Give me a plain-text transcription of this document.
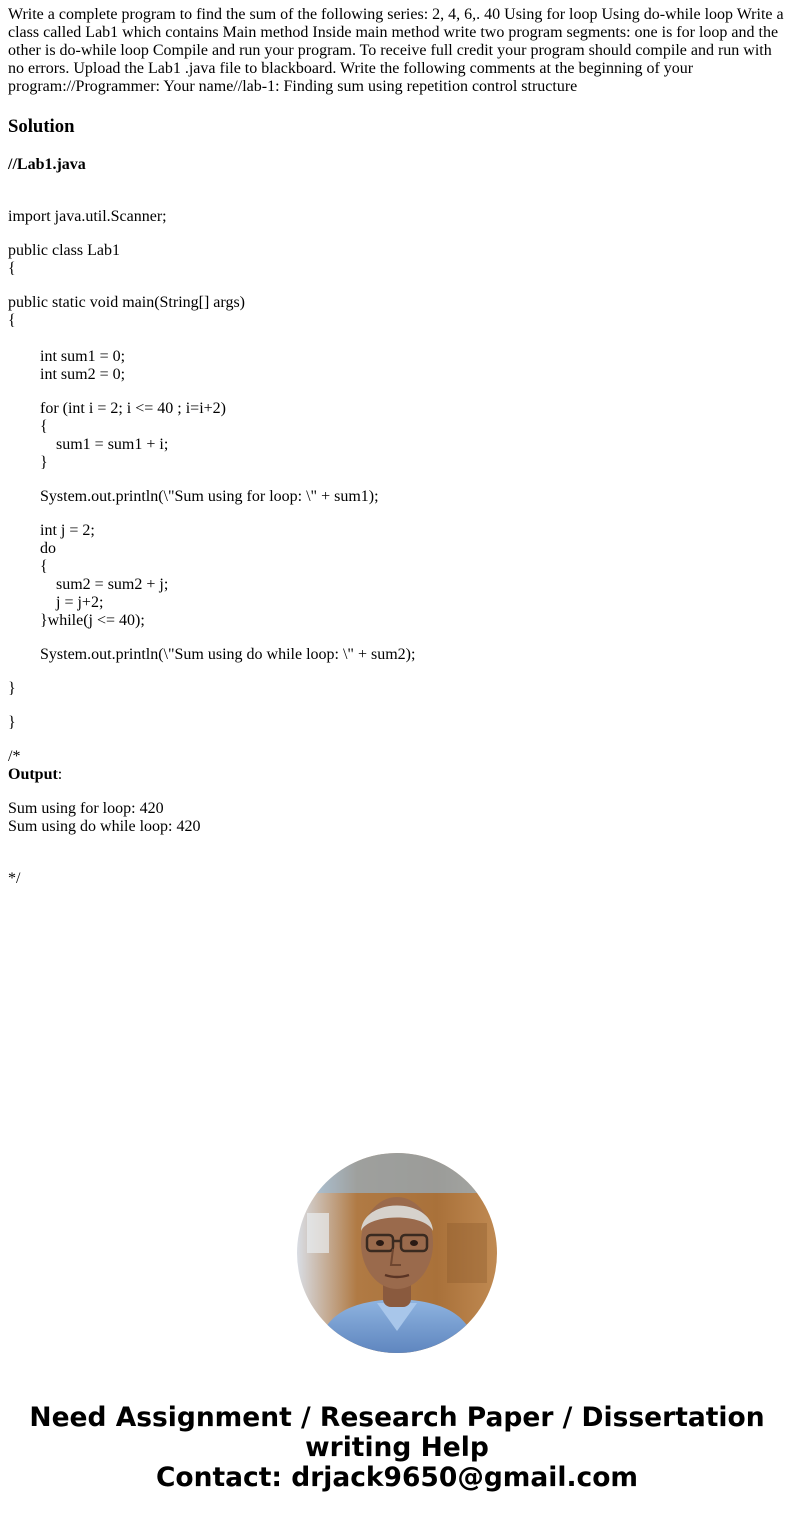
Write a complete program to find the sum of the following series: 2, 4, 6,. 40 Using for loop Using do-while loop Write a class called Lab1 which contains Main method Inside main method write two program segments: one is for loop and the other is do-while loop Compile and run your program. To receive full credit your program should compile and run with no errors. Upload the Lab1 .java file to blackboard. Write the following comments at the beginning of your program://Programmer: Your name//lab-1: Finding sum using repetition control structure

Solution

//Lab1.java

import java.util.Scanner;
public class Lab1
{
public static void main(String[] args)
{
int sum1 = 0;
int sum2 = 0;
for (int i = 2; i <= 40 ; i=i+2)
{
sum1 = sum1 + i;
}
System.out.println(\"Sum using for loop: \" + sum1);
int j = 2;
do
{
sum2 = sum2 + j;
j = j+2;
}while(j <= 40);
System.out.println(\"Sum using do while loop: \" + sum2);
}
}
/*
Output:
Sum using for loop: 420
Sum using do while loop: 420
*/
Need Assignment / Research Paper / Dissertation
writing Help
Contact: drjack9650@gmail.com
